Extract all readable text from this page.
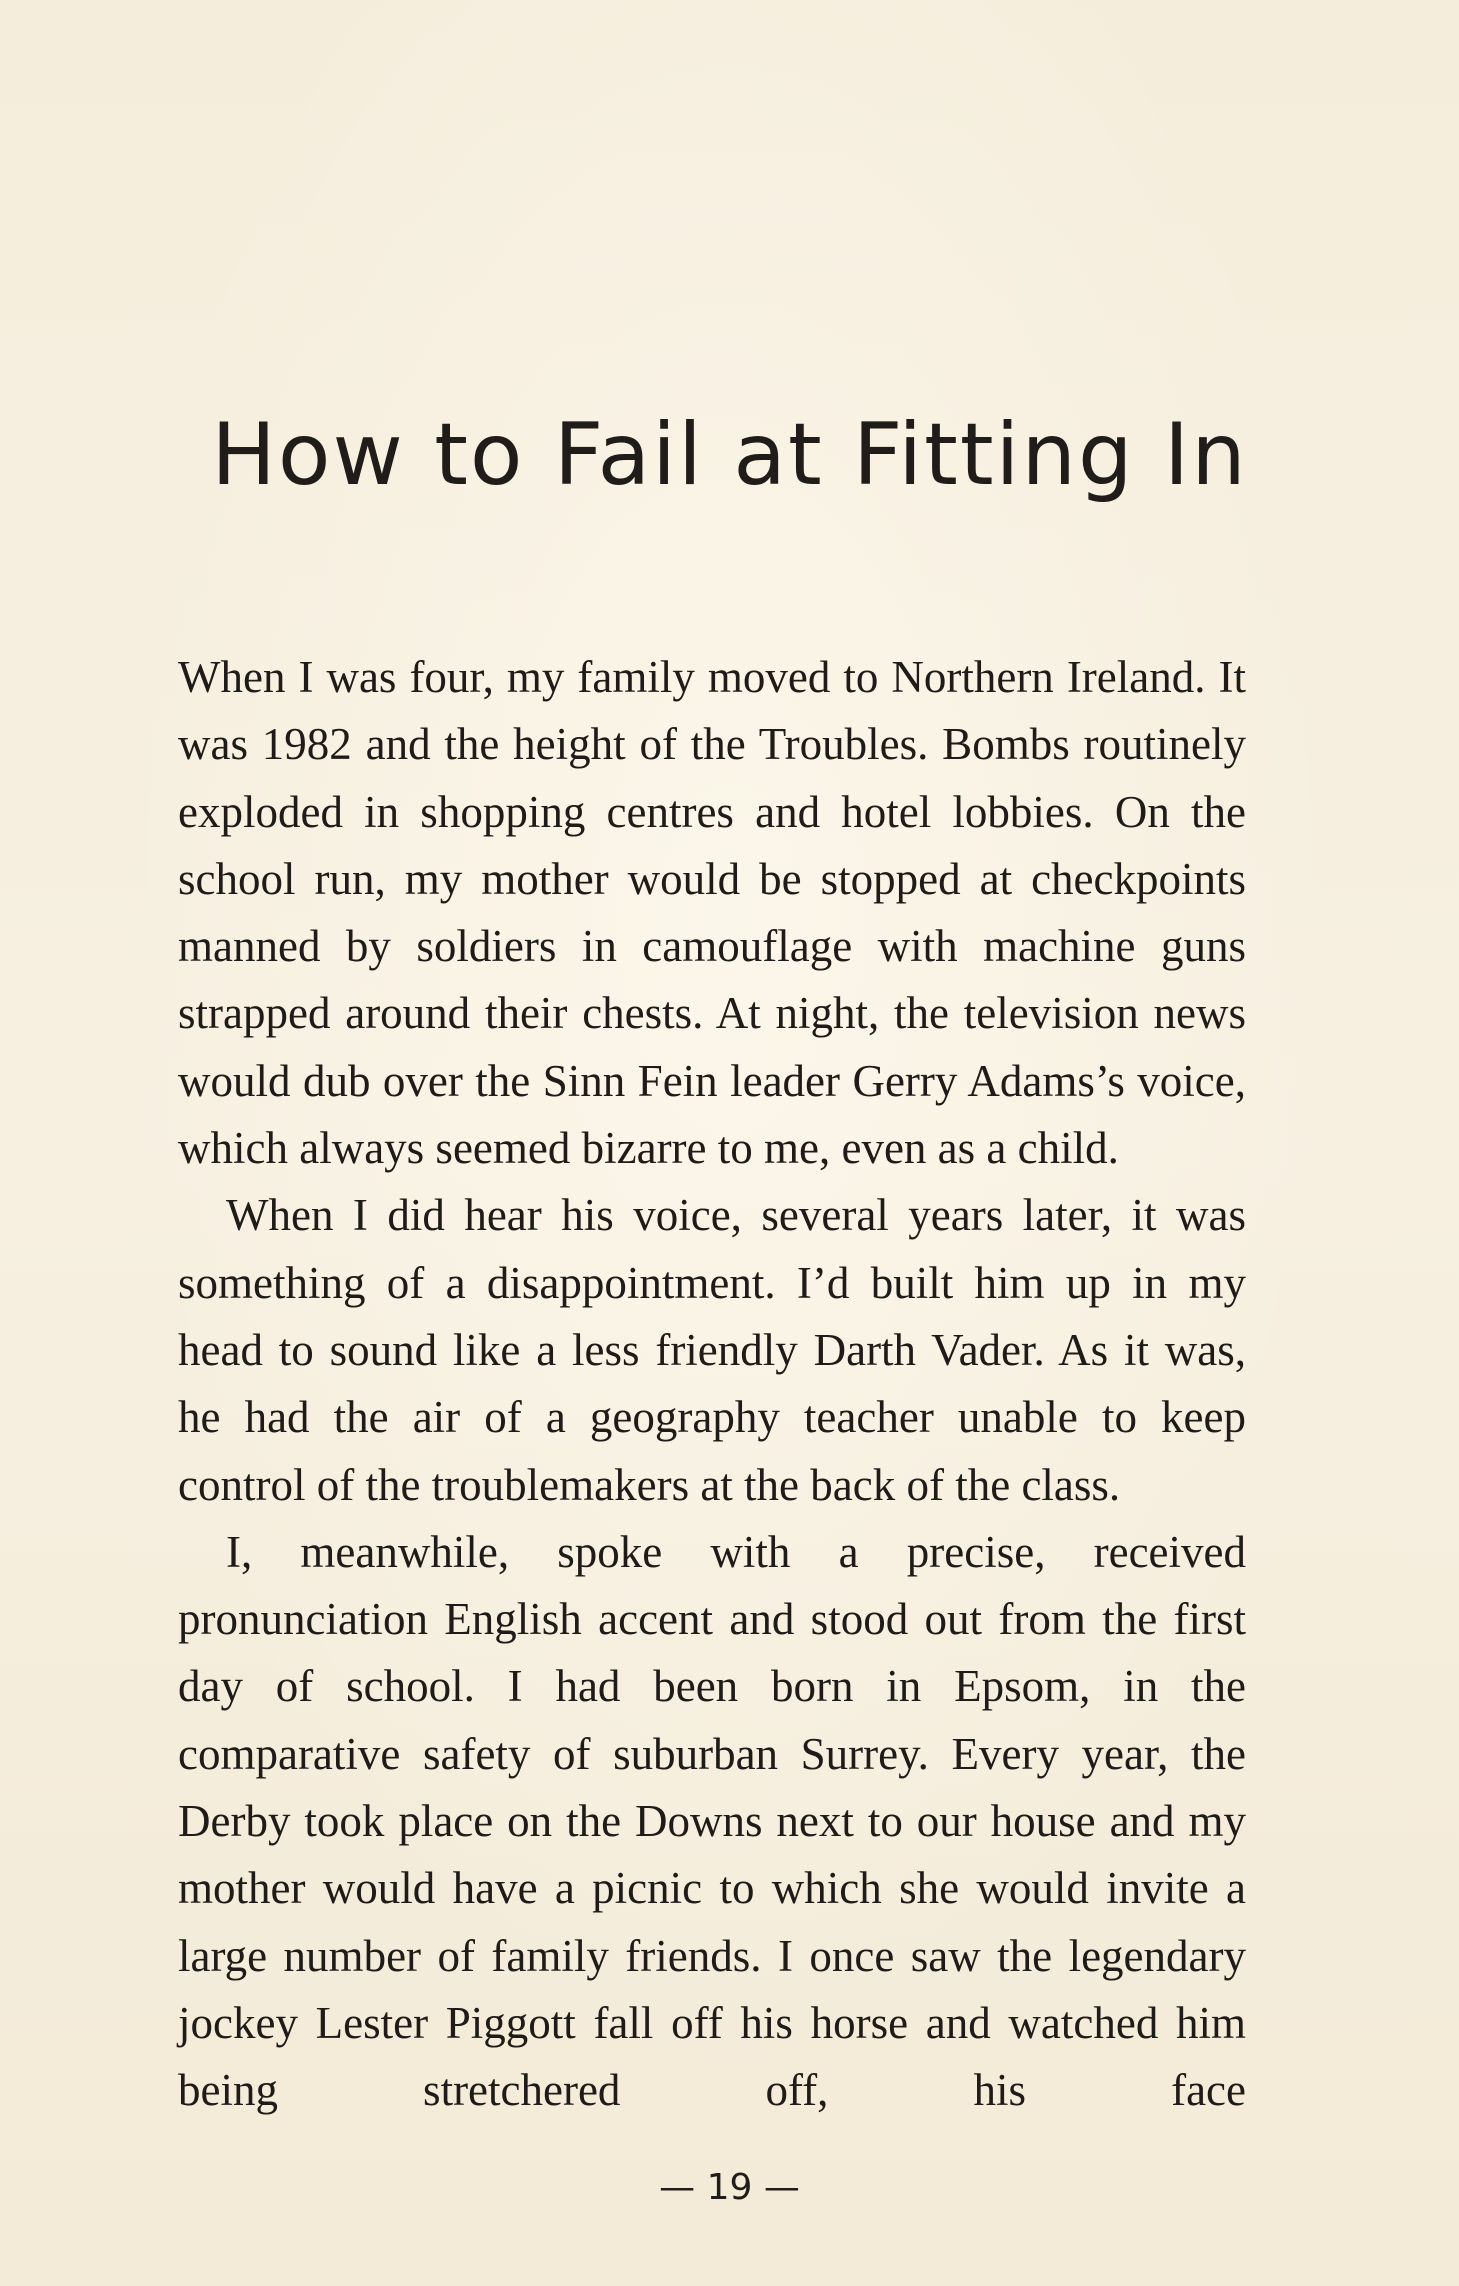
How to Fail at Fitting In

When I was four, my family moved to Northern Ireland. It was 1982 and the height of the Troubles. Bombs routinely exploded in shopping centres and hotel lobbies. On the school run, my mother would be stopped at checkpoints manned by soldiers in camouflage with machine guns strapped around their chests. At night, the television news would dub over the Sinn Fein leader Gerry Adams’s voice, which always seemed bizarre to me, even as a child.

When I did hear his voice, several years later, it was something of a disappointment. I’d built him up in my head to sound like a less friendly Darth Vader. As it was, he had the air of a geography teacher unable to keep control of the troublemakers at the back of the class.

I, meanwhile, spoke with a precise, received pronunciation English accent and stood out from the first day of school. I had been born in Epsom, in the comparative safety of suburban Surrey. Every year, the Derby took place on the Downs next to our house and my mother would have a picnic to which she would invite a large number of family friends. I once saw the legendary jockey Lester Piggott fall off his horse and watched him being stretchered off, his face

— 19 —
